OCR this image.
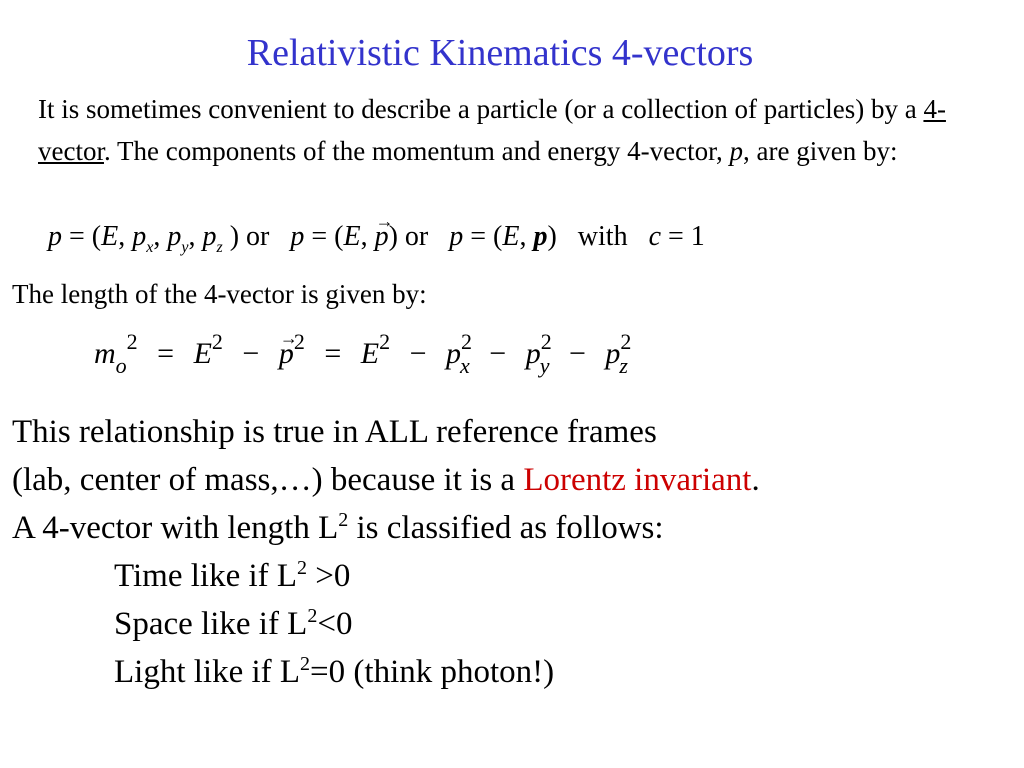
Relativistic Kinematics 4-vectors
It is sometimes convenient to describe a particle (or a collection of particles) by a 4-vector. The components of the momentum and energy 4-vector, p, are given by:
p = (E, $p_x$, $p_y$, $p_z$ ) or p = (E, → p) or p = (E, p) with c = 1
The length of the 4-vector is given by:
$m_o^2 = E^2$ − → $p^2 = E^2 - p^2_x - p^2_y - p^2_z$
This relationship is true in ALL reference frames
(lab, center of mass,…) because it is a Lorentz invariant.
A 4-vector with length $L^2$ is classified as follows:
Time like if $L^2 >0$
Space like if $L^2<0$
Light like if $L^2=0$ (think photon!)
